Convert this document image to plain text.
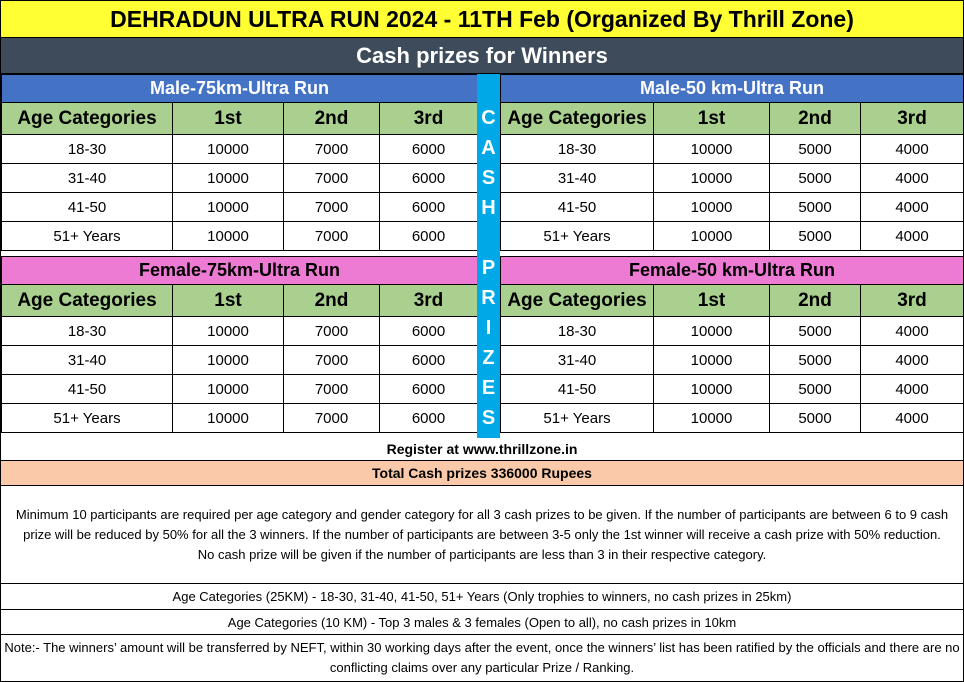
DEHRADUN ULTRA RUN 2024 - 11TH Feb (Organized By Thrill Zone)
Cash prizes for Winners
Male-75km-Ultra Run			
Age Categories	1st	2nd	3rd
18-30	10000	7000	6000
31-40	10000	7000	6000
41-50	10000	7000	6000
51+ Years	10000	7000	6000
Male-50 km-Ultra Run			
Age Categories	1st	2nd	3rd
18-30	10000	5000	4000
31-40	10000	5000	4000
41-50	10000	5000	4000
51+ Years	10000	5000	4000
Female-75km-Ultra Run			
Age Categories	1st	2nd	3rd
18-30	10000	7000	6000
31-40	10000	7000	6000
41-50	10000	7000	6000
51+ Years	10000	7000	6000
Female-50 km-Ultra Run			
Age Categories	1st	2nd	3rd
18-30	10000	5000	4000
31-40	10000	5000	4000
41-50	10000	5000	4000
51+ Years	10000	5000	4000
C
A
S
H
P
R
I
Z
E
S
Register at www.thrillzone.in
Total Cash prizes 336000 Rupees

Minimum 10 participants are required per age category and gender category for all 3 cash prizes to be given. If the number of participants are between 6 to 9 cash prize will be reduced by 50% for all the 3 winners. If the number of participants are between 3-5 only the 1st winner will receive a cash prize with 50% reduction.

No cash prize will be given if the number of participants are less than 3 in their respective category.

Age Categories (25KM) - 18-30, 31-40, 41-50, 51+ Years (Only trophies to winners, no cash prizes in 25km)
Age Categories (10 KM) - Top 3 males & 3 females (Open to all), no cash prizes in 10km
Note:- The winners’ amount will be transferred by NEFT, within 30 working days after the event, once the winners’ list has been ratified by the officials and there are no conflicting claims over any particular Prize / Ranking.
